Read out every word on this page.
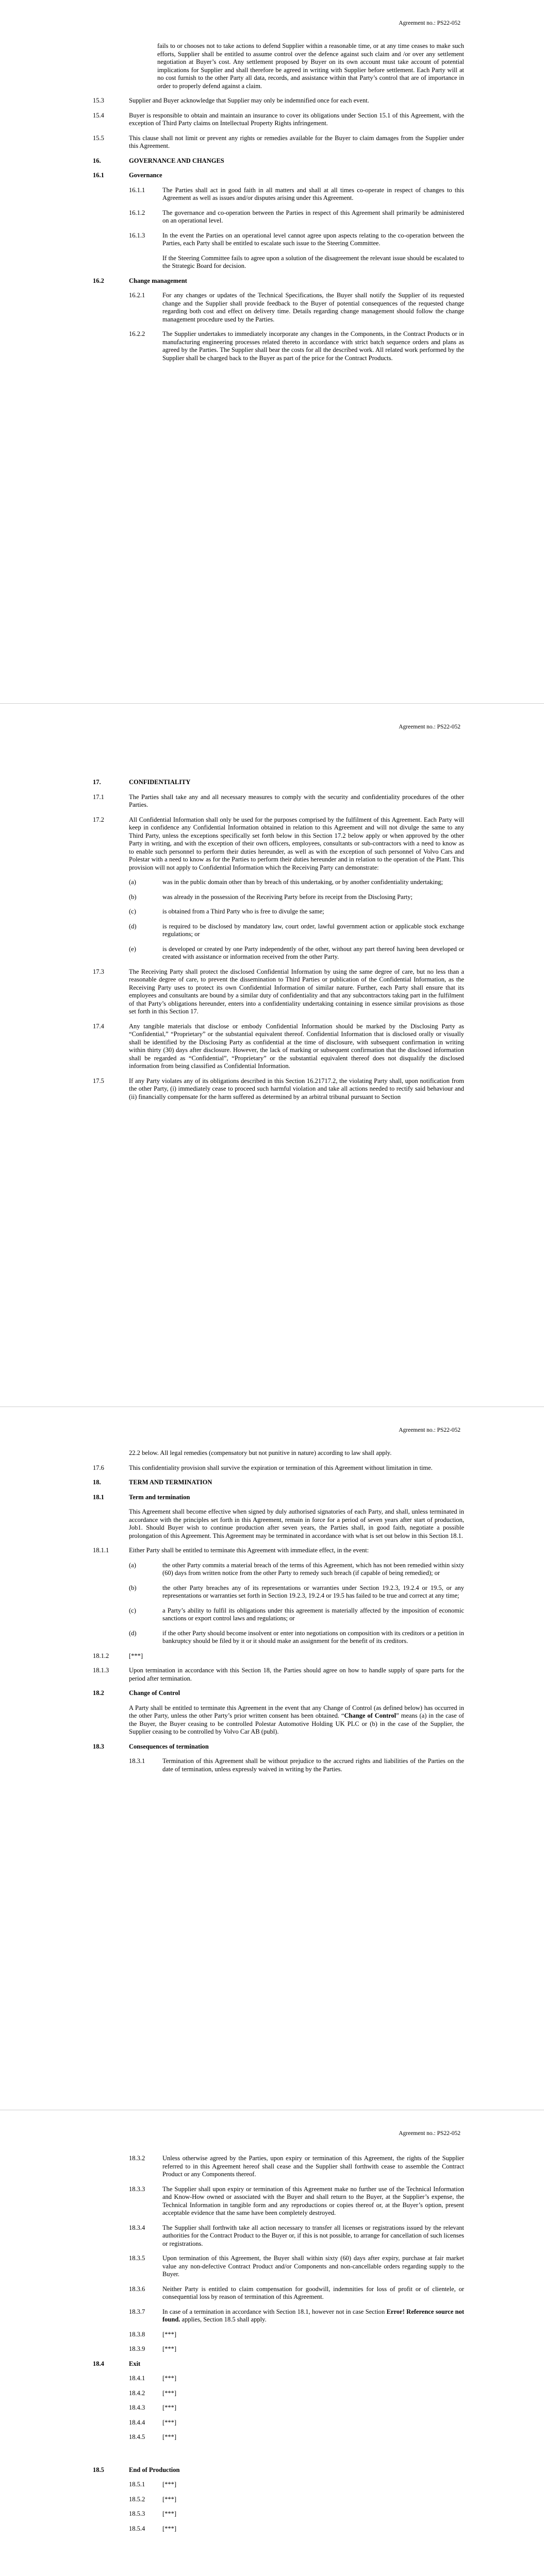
Agreement no.: PS22-052
fails to or chooses not to take actions to defend Supplier within a reasonable time, or at any time ceases to make such efforts, Supplier shall be entitled to assume control over the defence against such claim and /or over any settlement negotiation at Buyer’s cost. Any settlement proposed by Buyer on its own account must take account of potential implications for Supplier and shall therefore be agreed in writing with Supplier before settlement. Each Party will at no cost furnish to the other Party all data, records, and assistance within that Party’s control that are of importance in order to properly defend against a claim.
15.3	Supplier and Buyer acknowledge that Supplier may only be indemnified once for each event.
15.4	Buyer is responsible to obtain and maintain an insurance to cover its obligations under Section 15.1 of this Agreement, with the exception of Third Party claims on Intellectual Property Rights infringement.
15.5	This clause shall not limit or prevent any rights or remedies available for the Buyer to claim damages from the Supplier under this Agreement.
16.	GOVERNANCE AND CHANGES
16.1	Governance
16.1.1	The Parties shall act in good faith in all matters and shall at all times co-operate in respect of changes to this Agreement as well as issues and/or disputes arising under this Agreement.
16.1.2	The governance and co-operation between the Parties in respect of this Agreement shall primarily be administered on an operational level.
16.1.3	In the event the Parties on an operational level cannot agree upon aspects relating to the co-operation between the Parties, each Party shall be entitled to escalate such issue to the Steering Committee.
If the Steering Committee fails to agree upon a solution of the disagreement the relevant issue should be escalated to the Strategic Board for decision.
16.2	Change management
16.2.1	For any changes or updates of the Technical Specifications, the Buyer shall notify the Supplier of its requested change and the Supplier shall provide feedback to the Buyer of potential consequences of the requested change regarding both cost and effect on delivery time. Details regarding change management should follow the change management procedure used by the Parties.
16.2.2	The Supplier undertakes to immediately incorporate any changes in the Components, in the Contract Products or in manufacturing engineering processes related thereto in accordance with strict batch sequence orders and plans as agreed by the Parties. The Supplier shall bear the costs for all the described work. All related work performed by the Supplier shall be charged back to the Buyer as part of the price for the Contract Products.
Agreement no.: PS22-052
17.	CONFIDENTIALITY
17.1	The Parties shall take any and all necessary measures to comply with the security and confidentiality procedures of the other Parties.
17.2	All Confidential Information shall only be used for the purposes comprised by the fulfilment of this Agreement. Each Party will keep in confidence any Confidential Information obtained in relation to this Agreement and will not divulge the same to any Third Party, unless the exceptions specifically set forth below in this Section 17.2 below apply or when approved by the other Party in writing, and with the exception of their own officers, employees, consultants or sub-contractors with a need to know as to enable such personnel to perform their duties hereunder, as well as with the exception of such personnel of Volvo Cars and Polestar with a need to know as for the Parties to perform their duties hereunder and in relation to the operation of the Plant. This provision will not apply to Confidential Information which the Receiving Party can demonstrate:
(a)	was in the public domain other than by breach of this undertaking, or by another confidentiality undertaking;
(b)	was already in the possession of the Receiving Party before its receipt from the Disclosing Party;
(c)	is obtained from a Third Party who is free to divulge the same;
(d)	is required to be disclosed by mandatory law, court order, lawful government action or applicable stock exchange regulations; or
(e)	is developed or created by one Party independently of the other, without any part thereof having been developed or created with assistance or information received from the other Party.
17.3	The Receiving Party shall protect the disclosed Confidential Information by using the same degree of care, but no less than a reasonable degree of care, to prevent the dissemination to Third Parties or publication of the Confidential Information, as the Receiving Party uses to protect its own Confidential Information of similar nature. Further, each Party shall ensure that its employees and consultants are bound by a similar duty of confidentiality and that any subcontractors taking part in the fulfilment of that Party’s obligations hereunder, enters into a confidentiality undertaking containing in essence similar provisions as those set forth in this Section 17.
17.4	Any tangible materials that disclose or embody Confidential Information should be marked by the Disclosing Party as “Confidential,” “Proprietary” or the substantial equivalent thereof. Confidential Information that is disclosed orally or visually shall be identified by the Disclosing Party as confidential at the time of disclosure, with subsequent confirmation in writing within thirty (30) days after disclosure. However, the lack of marking or subsequent confirmation that the disclosed information shall be regarded as “Confidential”, “Proprietary” or the substantial equivalent thereof does not disqualify the disclosed information from being classified as Confidential Information.
17.5	If any Party violates any of its obligations described in this Section 16.21717.2, the violating Party shall, upon notification from the other Party, (i) immediately cease to proceed such harmful violation and take all actions needed to rectify said behaviour and (ii) financially compensate for the harm suffered as determined by an arbitral tribunal pursuant to Section
Agreement no.: PS22-052
22.2 below. All legal remedies (compensatory but not punitive in nature) according to law shall apply.
17.6	This confidentiality provision shall survive the expiration or termination of this Agreement without limitation in time.
18.	TERM AND TERMINATION
18.1	Term and termination
This Agreement shall become effective when signed by duly authorised signatories of each Party, and shall, unless terminated in accordance with the principles set forth in this Agreement, remain in force for a period of seven years after start of production, Job1. Should Buyer wish to continue production after seven years, the Parties shall, in good faith, negotiate a possible prolongation of this Agreement. This Agreement may be terminated in accordance with what is set out below in this Section 18.1.
18.1.1	Either Party shall be entitled to terminate this Agreement with immediate effect, in the event:
(a)	the other Party commits a material breach of the terms of this Agreement, which has not been remedied within sixty (60) days from written notice from the other Party to remedy such breach (if capable of being remedied); or
(b)	the other Party breaches any of its representations or warranties under Section 19.2.3, 19.2.4 or 19.5, or any representations or warranties set forth in Section 19.2.3, 19.2.4 or 19.5 has failed to be true and correct at any time;
(c)	a Party’s ability to fulfil its obligations under this agreement is materially affected by the imposition of economic sanctions or export control laws and regulations; or
(d)	if the other Party should become insolvent or enter into negotiations on composition with its creditors or a petition in bankruptcy should be filed by it or it should make an assignment for the benefit of its creditors.
18.1.2	[***]
18.1.3	Upon termination in accordance with this Section 18, the Parties should agree on how to handle supply of spare parts for the period after termination.
18.2	Change of Control
A Party shall be entitled to terminate this Agreement in the event that any Change of Control (as defined below) has occurred in the other Party, unless the other Party’s prior written consent has been obtained. “Change of Control” means (a) in the case of the Buyer, the Buyer ceasing to be controlled Polestar Automotive Holding UK PLC or (b) in the case of the Supplier, the Supplier ceasing to be controlled by Volvo Car AB (publ).
18.3	Consequences of termination
18.3.1	Termination of this Agreement shall be without prejudice to the accrued rights and liabilities of the Parties on the date of termination, unless expressly waived in writing by the Parties.
Agreement no.: PS22-052
18.3.2	Unless otherwise agreed by the Parties, upon expiry or termination of this Agreement, the rights of the Supplier referred to in this Agreement hereof shall cease and the Supplier shall forthwith cease to assemble the Contract Product or any Components thereof.
18.3.3	The Supplier shall upon expiry or termination of this Agreement make no further use of the Technical Information and Know-How owned or associated with the Buyer and shall return to the Buyer, at the Supplier’s expense, the Technical Information in tangible form and any reproductions or copies thereof or, at the Buyer’s option, present acceptable evidence that the same have been completely destroyed.
18.3.4	The Supplier shall forthwith take all action necessary to transfer all licenses or registrations issued by the relevant authorities for the Contract Product to the Buyer or, if this is not possible, to arrange for cancellation of such licenses or registrations.
18.3.5	Upon termination of this Agreement, the Buyer shall within sixty (60) days after expiry, purchase at fair market value any non-defective Contract Product and/or Components and non-cancellable orders regarding supply to the Buyer.
18.3.6	Neither Party is entitled to claim compensation for goodwill, indemnities for loss of profit or of clientele, or consequential loss by reason of termination of this Agreement.
18.3.7	In case of a termination in accordance with Section 18.1, however not in case Section Error! Reference source not found. applies, Section 18.5 shall apply.
18.3.8	[***]
18.3.9	[***]
18.4	Exit
18.4.1	[***]
18.4.2	[***]
18.4.3	[***]
18.4.4	[***]
18.4.5	[***]
18.5	End of Production
18.5.1	[***]
18.5.2	[***]
18.5.3	[***]
18.5.4	[***]
